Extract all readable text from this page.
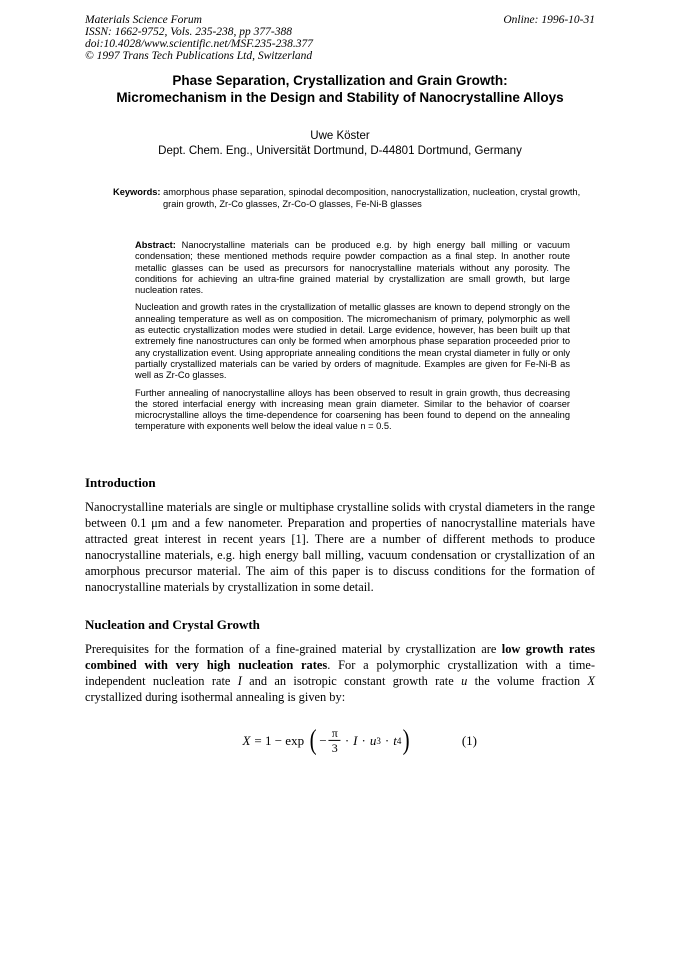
Materials Science Forum
ISSN: 1662-9752, Vols. 235-238, pp 377-388
doi:10.4028/www.scientific.net/MSF.235-238.377
© 1997 Trans Tech Publications Ltd, Switzerland
Online: 1996-10-31
Phase Separation, Crystallization and Grain Growth:
Micromechanism in the Design and Stability of Nanocrystalline Alloys
Uwe Köster
Dept. Chem. Eng., Universität Dortmund, D-44801 Dortmund, Germany
Keywords: amorphous phase separation, spinodal decomposition, nanocrystallization, nucleation, crystal growth, grain growth, Zr-Co glasses, Zr-Co-O glasses, Fe-Ni-B glasses

Abstract: Nanocrystalline materials can be produced e.g. by high energy ball milling or vacuum condensation; these mentioned methods require powder compaction as a final step. In another route metallic glasses can be used as precursors for nanocrystalline materials without any porosity. The conditions for achieving an ultra-fine grained material by crystallization are small growth, but large nucleation rates.

Nucleation and growth rates in the crystallization of metallic glasses are known to depend strongly on the annealing temperature as well as on composition. The micromechanism of primary, polymorphic as well as eutectic crystallization modes were studied in detail. Large evidence, however, has been built up that extremely fine nanostructures can only be formed when amorphous phase separation proceeded prior to any crystallization event. Using appropriate annealing conditions the mean crystal diameter in fully or only partially crystallized materials can be varied by orders of magnitude. Examples are given for Fe-Ni-B as well as Zr-Co glasses.

Further annealing of nanocrystalline alloys has been observed to result in grain growth, thus decreasing the stored interfacial energy with increasing mean grain diameter. Similar to the behavior of coarser microcrystalline alloys the time-dependence for coarsening has been found to depend on the annealing temperature with exponents well below the ideal value n = 0.5.

Introduction

Nanocrystalline materials are single or multiphase crystalline solids with crystal diameters in the range between 0.1 μm and a few nanometer. Preparation and properties of nanocrystalline materials have attracted great interest in recent years [1]. There are a number of different methods to produce nanocrystalline materials, e.g. high energy ball milling, vacuum condensation or crystallization of an amorphous precursor material. The aim of this paper is to discuss conditions for the formation of nanocrystalline materials by crystallization in some detail.

Nucleation and Crystal Growth

Prerequisites for the formation of a fine-grained material by crystallization are low growth rates combined with very high nucleation rates. For a polymorphic crystallization with a time-independent nucleation rate I and an isotropic constant growth rate u the volume fraction X crystallized during isothermal annealing is given by:

X = 1 − exp ( − $\frac{\pi}{3} \cdot I \cdot u$ 3 · t 4 )	(1)
